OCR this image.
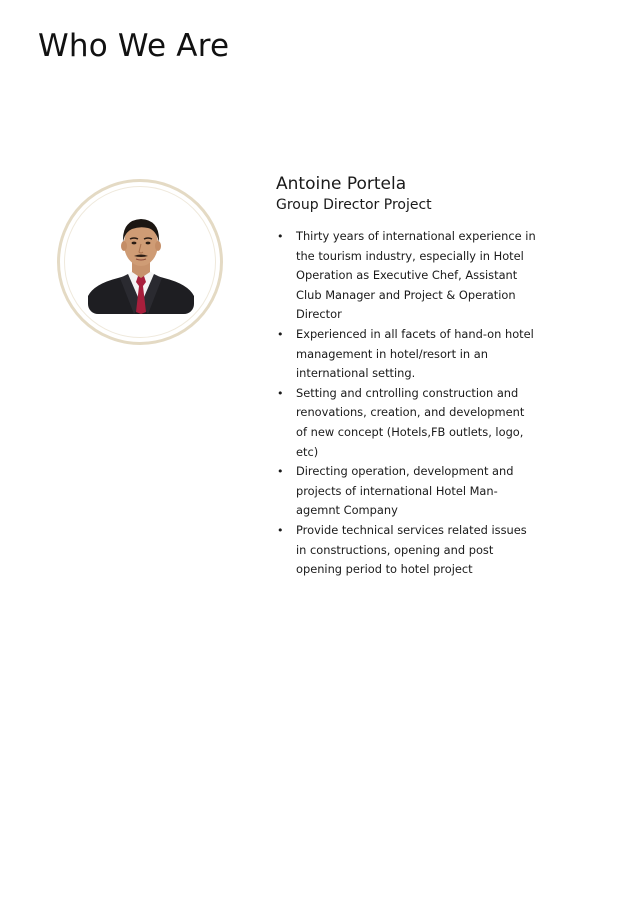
Who We Are
Antoine Portela
Group Director Project
• Thirty years of international experience in the tourism industry, especially in Hotel Operation as Executive Chef, Assistant Club Manager and Project & Operation Director
• Experienced in all facets of hand-on hotel management in hotel/resort in an international setting.
• Setting and cntrolling construction and renovations, creation, and development of new concept (Hotels,FB outlets, logo, etc)
• Directing operation, development and projects of international Hotel Man-agemnt Company
• Provide technical services related issues in constructions, opening and post opening period to hotel project
